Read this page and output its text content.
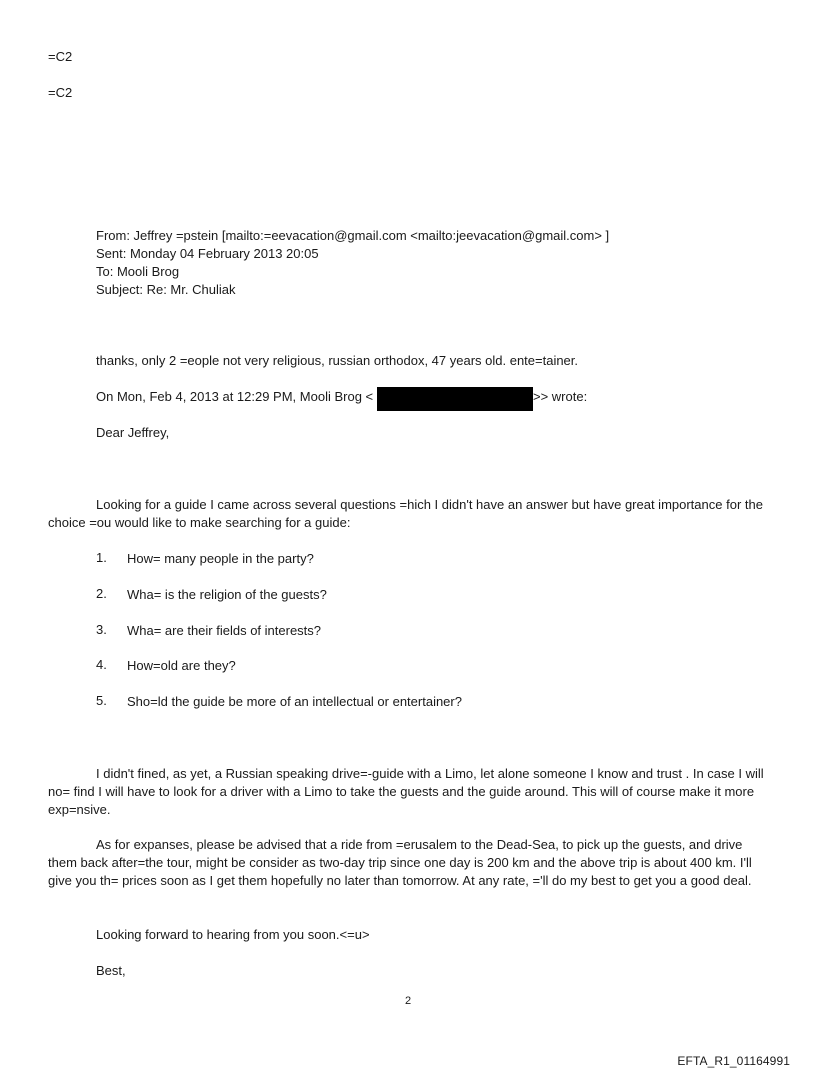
=C2
=C2
From: Jeffrey =pstein [mailto:=eevacation@gmail.com <mailto:jeevacation@gmail.com> ]
Sent: Monday 04 February 2013 20:05
To: Mooli Brog
Subject: Re: Mr. Chuliak
thanks, only 2 =eople not very religious, russian orthodox, 47 years old. ente=tainer.
On Mon, Feb 4, 2013 at 12:29 PM, Mooli Brog <	>> wrote:
Dear Jeffrey,
Looking for a guide I came across several questions =hich I didn't have an answer but have great importance for the choice =ou would like to make searching for a guide:
1.	How= many people in the party?
2.	Wha= is the religion of the guests?
3.	Wha= are their fields of interests?
4.	How=old are they?
5.	Sho=ld the guide be more of an intellectual or entertainer?
I didn't fined, as yet, a Russian speaking drive=-guide with a Limo, let alone someone I know and trust . In case I will no= find I will have to look for a driver with a Limo to take the guests and the guide around. This will of course make it more exp=nsive.
As for expanses, please be advised that a ride from =erusalem to the Dead-Sea, to pick up the guests, and drive them back after=the tour, might be consider as two-day trip since one day is 200 km and the above trip is about 400 km. I'll give you th= prices soon as I get them hopefully no later than tomorrow. At any rate, ='ll do my best to get you a good deal.
Looking forward to hearing from you soon.<=u>
Best,
2
EFTA_R1_01164991
